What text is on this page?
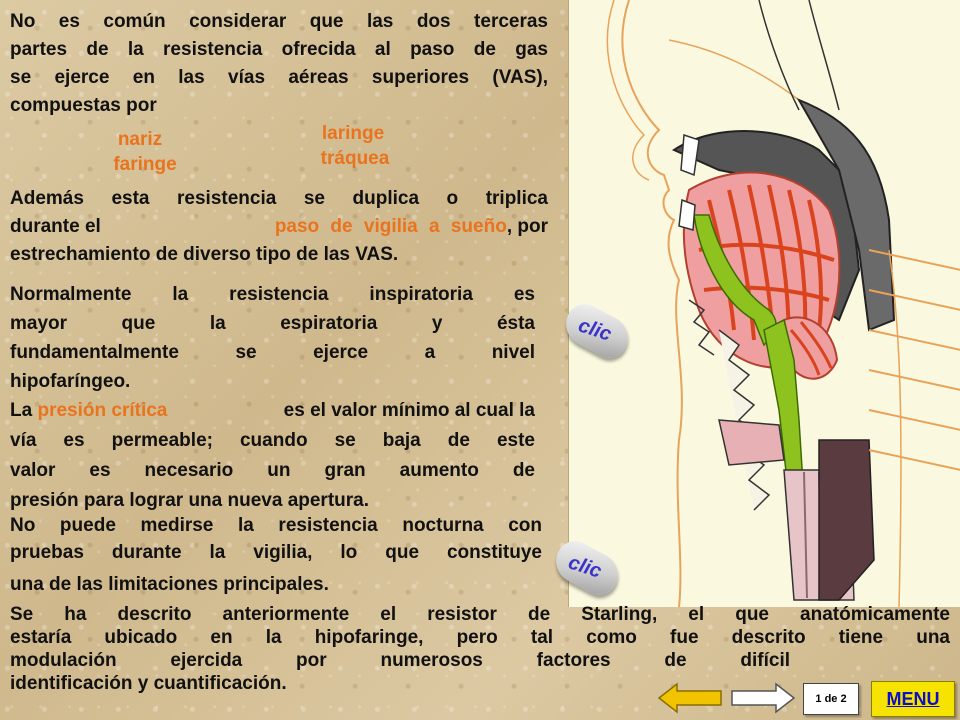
No es común considerar que las dos terceras
partes de la resistencia ofrecida al paso de gas
se ejerce en las vías aéreas superiores (VAS),
compuestas por
nariz
faringe
laringe
tráquea
Además esta resistencia se duplica o triplica
durante el	paso de vigilia a sueño, por
estrechamiento de diverso tipo de las VAS.
Normalmente la resistencia inspiratoria es
mayor que la espiratoria y ésta
fundamentalmente se ejerce a nivel
hipofaríngeo.
La presión crítica	es el valor mínimo al cual la
vía es permeable; cuando se baja de este
valor es necesario un gran aumento de
presión para lograr una nueva apertura.
No puede medirse la resistencia nocturna con
pruebas durante la vigilia, lo que constituye
una de las limitaciones principales.
clic
clic
Se ha descrito anteriormente el resistor de Starling, el que anatómicamente
estaría ubicado en la hipofaringe, pero tal como fue descrito tiene una
modulación ejercida por numerosos factores de difícil
identificación y cuantificación.
1 de 2 MENU
